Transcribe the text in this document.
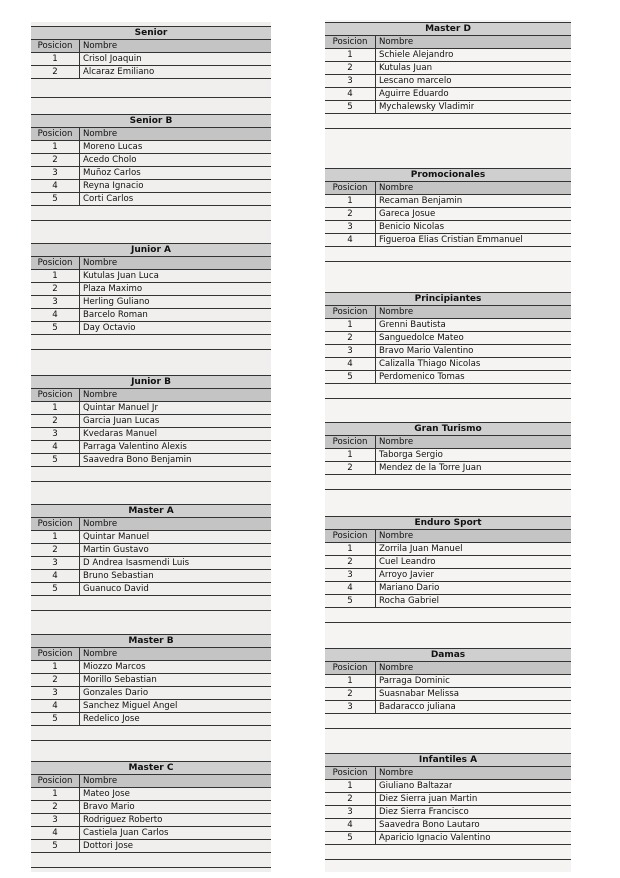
Senior
Posicion	Nombre
1	Crisol Joaquin
2	Alcaraz Emiliano
Senior B
Posicion	Nombre
1	Moreno Lucas
2	Acedo Cholo
3	Muñoz Carlos
4	Reyna Ignacio
5	Corti Carlos
Junior A
Posicion	Nombre
1	Kutulas Juan Luca
2	Plaza Maximo
3	Herling Guliano
4	Barcelo Roman
5	Day Octavio
Junior B
Posicion	Nombre
1	Quintar Manuel Jr
2	Garcia Juan Lucas
3	Kvedaras Manuel
4	Parraga Valentino Alexis
5	Saavedra Bono Benjamin
Master A
Posicion	Nombre
1	Quintar Manuel
2	Martin Gustavo
3	D Andrea Isasmendi Luis
4	Bruno Sebastian
5	Guanuco David
Master B
Posicion	Nombre
1	Miozzo Marcos
2	Morillo Sebastian
3	Gonzales Dario
4	Sanchez Miguel Angel
5	Redelico Jose
Master C
Posicion	Nombre
1	Mateo Jose
2	Bravo Mario
3	Rodriguez Roberto
4	Castiela Juan Carlos
5	Dottori Jose
Master D
Posicion	Nombre
1	Schiele Alejandro
2	Kutulas Juan
3	Lescano marcelo
4	Aguirre Eduardo
5	Mychalewsky Vladimir
Promocionales
Posicion	Nombre
1	Recaman Benjamin
2	Gareca Josue
3	Benicio Nicolas
4	Figueroa Elias Cristian Emmanuel
Principiantes
Posicion	Nombre
1	Grenni Bautista
2	Sanguedolce Mateo
3	Bravo Mario Valentino
4	Calizalla Thiago Nicolas
5	Perdomenico Tomas
Gran Turismo
Posicion	Nombre
1	Taborga Sergio
2	Mendez de la Torre Juan
Enduro Sport
Posicion	Nombre
1	Zorrila Juan Manuel
2	Cuel Leandro
3	Arroyo Javier
4	Mariano Dario
5	Rocha Gabriel
Damas
Posicion	Nombre
1	Parraga Dominic
2	Suasnabar Melissa
3	Badaracco juliana
Infantiles A
Posicion	Nombre
1	Giuliano Baltazar
2	Diez Sierra juan Martin
3	Diez Sierra Francisco
4	Saavedra Bono Lautaro
5	Aparicio Ignacio Valentino
